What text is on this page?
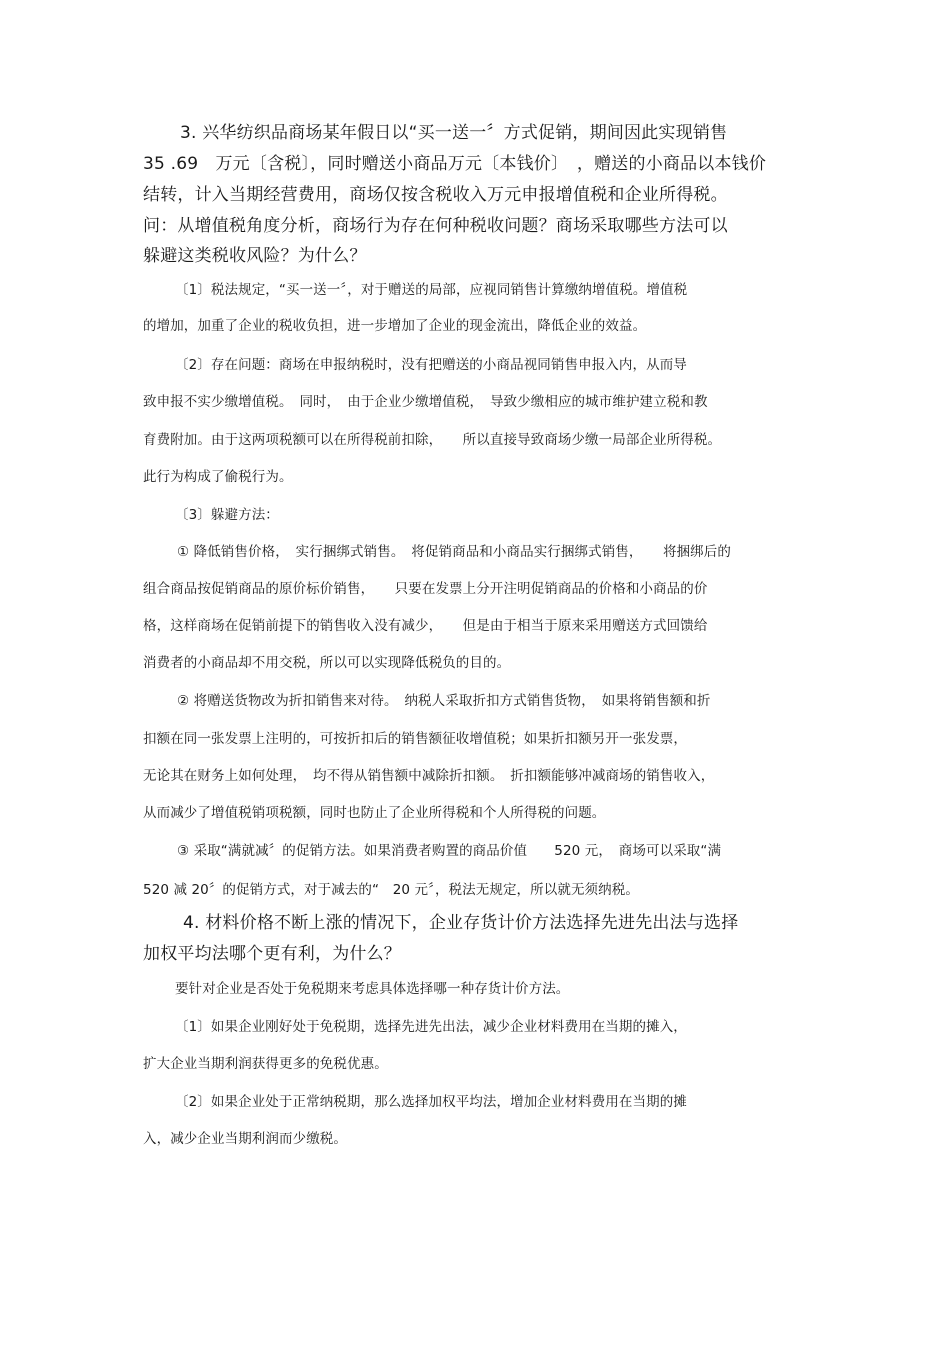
3. 兴华纺织品商场某年假日以“买一送一〞方式促销，期间因此实现销售
35 .69　万元〔含税〕，同时赠送小商品万元〔本钱价〕　，赠送的小商品以本钱价
结转，计入当期经营费用，商场仅按含税收入万元申报增值税和企业所得税。
问：从增值税角度分析，商场行为存在何种税收问题？商场采取哪些方法可以
躲避这类税收风险？为什么？
〔1〕税法规定，“买一送一〞，对于赠送的局部，应视同销售计算缴纳增值税。增值税
的增加，加重了企业的税收负担，进一步增加了企业的现金流出，降低企业的效益。
〔2〕存在问题：商场在申报纳税时，没有把赠送的小商品视同销售申报入内，从而导
致申报不实少缴增值税。　同时，　由于企业少缴增值税，　导致少缴相应的城市维护建立税和教
育费附加。由于这两项税额可以在所得税前扣除，　　所以直接导致商场少缴一局部企业所得税。
此行为构成了偷税行为。
〔3〕躲避方法：
① 降低销售价格，　实行捆绑式销售。　将促销商品和小商品实行捆绑式销售，　　将捆绑后的
组合商品按促销商品的原价标价销售，　　只要在发票上分开注明促销商品的价格和小商品的价
格，这样商场在促销前提下的销售收入没有减少，　　但是由于相当于原来采用赠送方式回馈给
消费者的小商品却不用交税，所以可以实现降低税负的目的。
② 将赠送货物改为折扣销售来对待。　纳税人采取折扣方式销售货物，　如果将销售额和折
扣额在同一张发票上注明的，可按折扣后的销售额征收增值税；如果折扣额另开一张发票，
无论其在财务上如何处理，　均不得从销售额中减除折扣额。　折扣额能够冲减商场的销售收入，
从而减少了增值税销项税额，同时也防止了企业所得税和个人所得税的问题。
③ 采取“满就减〞的促销方法。如果消费者购置的商品价值　　520 元，　商场可以采取“满
520 减 20〞的促销方式，对于减去的“　20 元〞，税法无规定，所以就无须纳税。
4. 材料价格不断上涨的情况下，企业存货计价方法选择先进先出法与选择
加权平均法哪个更有利，为什么？
要针对企业是否处于免税期来考虑具体选择哪一种存货计价方法。
〔1〕如果企业刚好处于免税期，选择先进先出法，减少企业材料费用在当期的摊入，
扩大企业当期利润获得更多的免税优惠。
〔2〕如果企业处于正常纳税期，那么选择加权平均法，增加企业材料费用在当期的摊
入，减少企业当期利润而少缴税。
